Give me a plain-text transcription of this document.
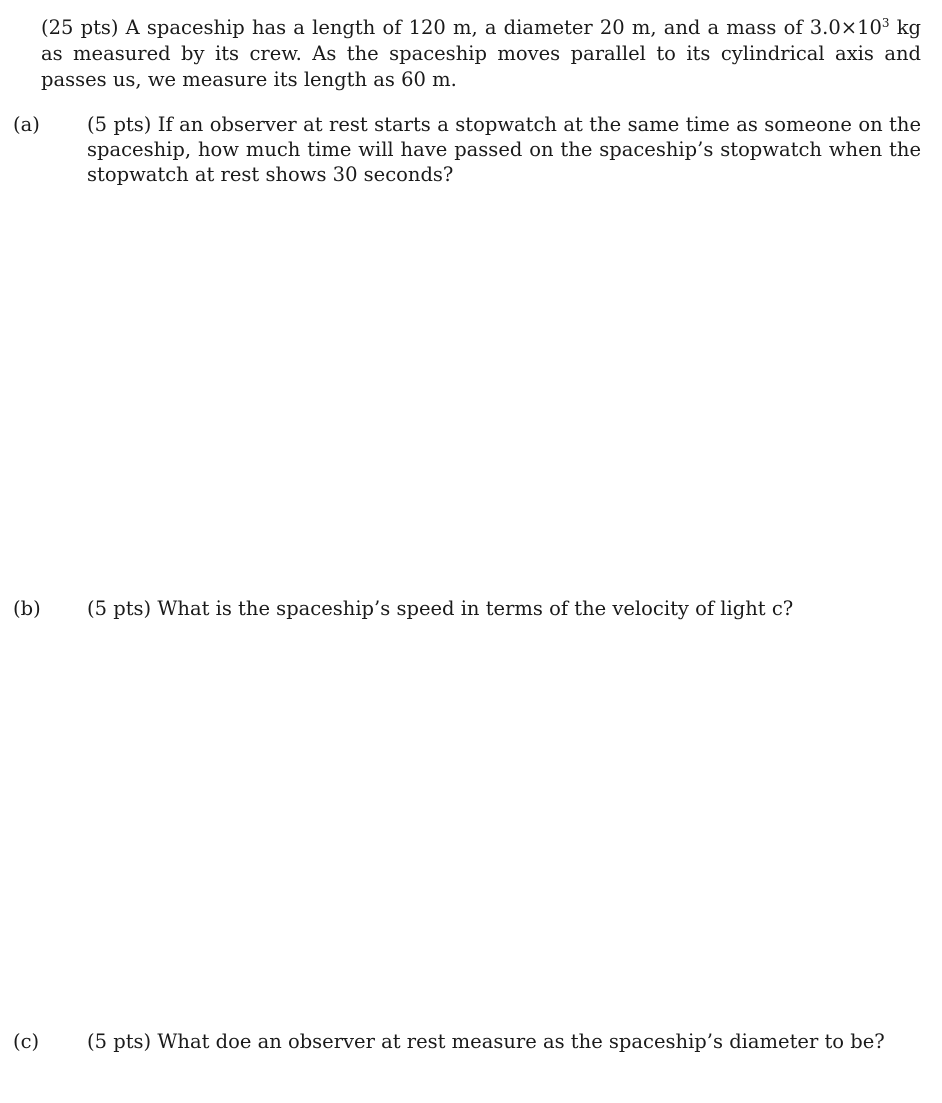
(25 pts) A spaceship has a length of 120 m, a diameter 20 m, and a mass of $3.0\times 10^3$ kg as measured by its crew. As the spaceship moves parallel to its cylindrical axis and passes us, we measure its length as 60 m.
(a) (5 pts) If an observer at rest starts a stopwatch at the same time as someone on the spaceship, how much time will have passed on the spaceship’s stopwatch when the stopwatch at rest shows 30 seconds?
(b) (5 pts) What is the spaceship’s speed in terms of the velocity of light c?
(c) (5 pts) What doe an observer at rest measure as the spaceship’s diameter to be?
